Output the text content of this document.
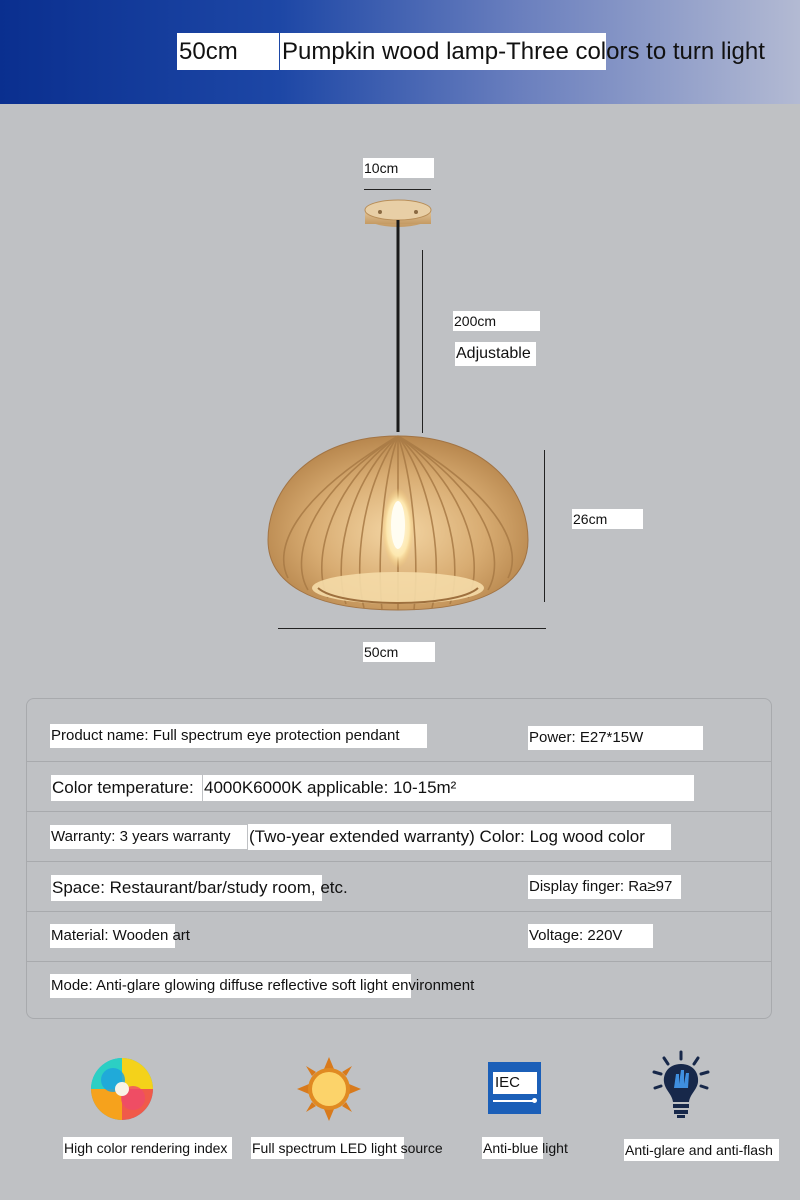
50cm	Pumpkin wood lamp-Three colors to turn light
10cm
200cm
Adjustable
26cm
50cm
Product name: Full spectrum eye protection pendant	Power: E27*15W
Color temperature: 4000K6000K applicable: 10-15m²
Warranty: 3 years warranty	(Two-year extended warranty) Color: Log wood color
Space: Restaurant/bar/study room, etc.	Display finger: Ra≥97
Material: Wooden art	Voltage: 220V
Mode: Anti-glare glowing diffuse reflective soft light environment
High color rendering index	Full spectrum LED light source
IEC
Anti-blue light	Anti-glare and anti-flash
